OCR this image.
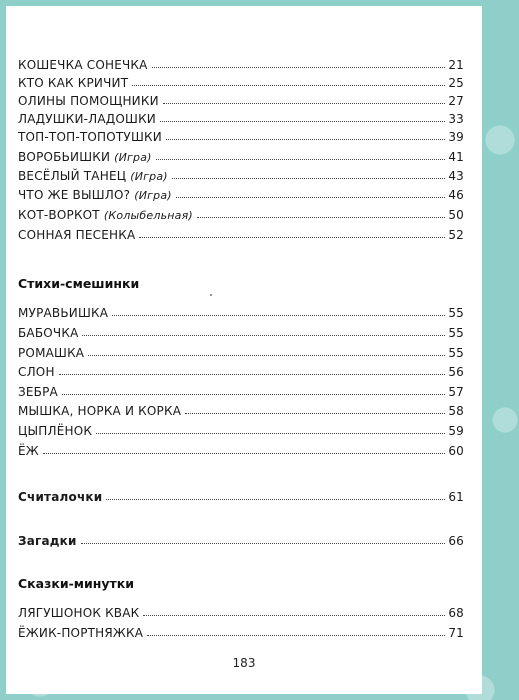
КОШЕЧКА СОНЕЧКА	21
КТО КАК КРИЧИТ	25
ОЛИНЫ ПОМОЩНИКИ	27
ЛАДУШКИ-ЛАДОШКИ	33
ТОП-ТОП-ТОПОТУШКИ	39
ВОРОБЬИШКИ (Игра)	41
ВЕСЁЛЫЙ ТАНЕЦ (Игра)	43
ЧТО ЖЕ ВЫШЛО? (Игра)	46
КОТ-ВОРКОТ (Колыбельная)	50
СОННАЯ ПЕСЕНКА	52
Стихи-смешинки
МУРАВЬИШКА	55
БАБОЧКА	55
РОМАШКА	55
СЛОН	56
ЗЕБРА	57
МЫШКА, НОРКА И КОРКА	58
ЦЫПЛЁНОК	59
ЁЖ	60
Считалочки	61
Загадки	66
Сказки-минутки
ЛЯГУШОНОК КВАК	68
ЁЖИК-ПОРТНЯЖКА	71
183
